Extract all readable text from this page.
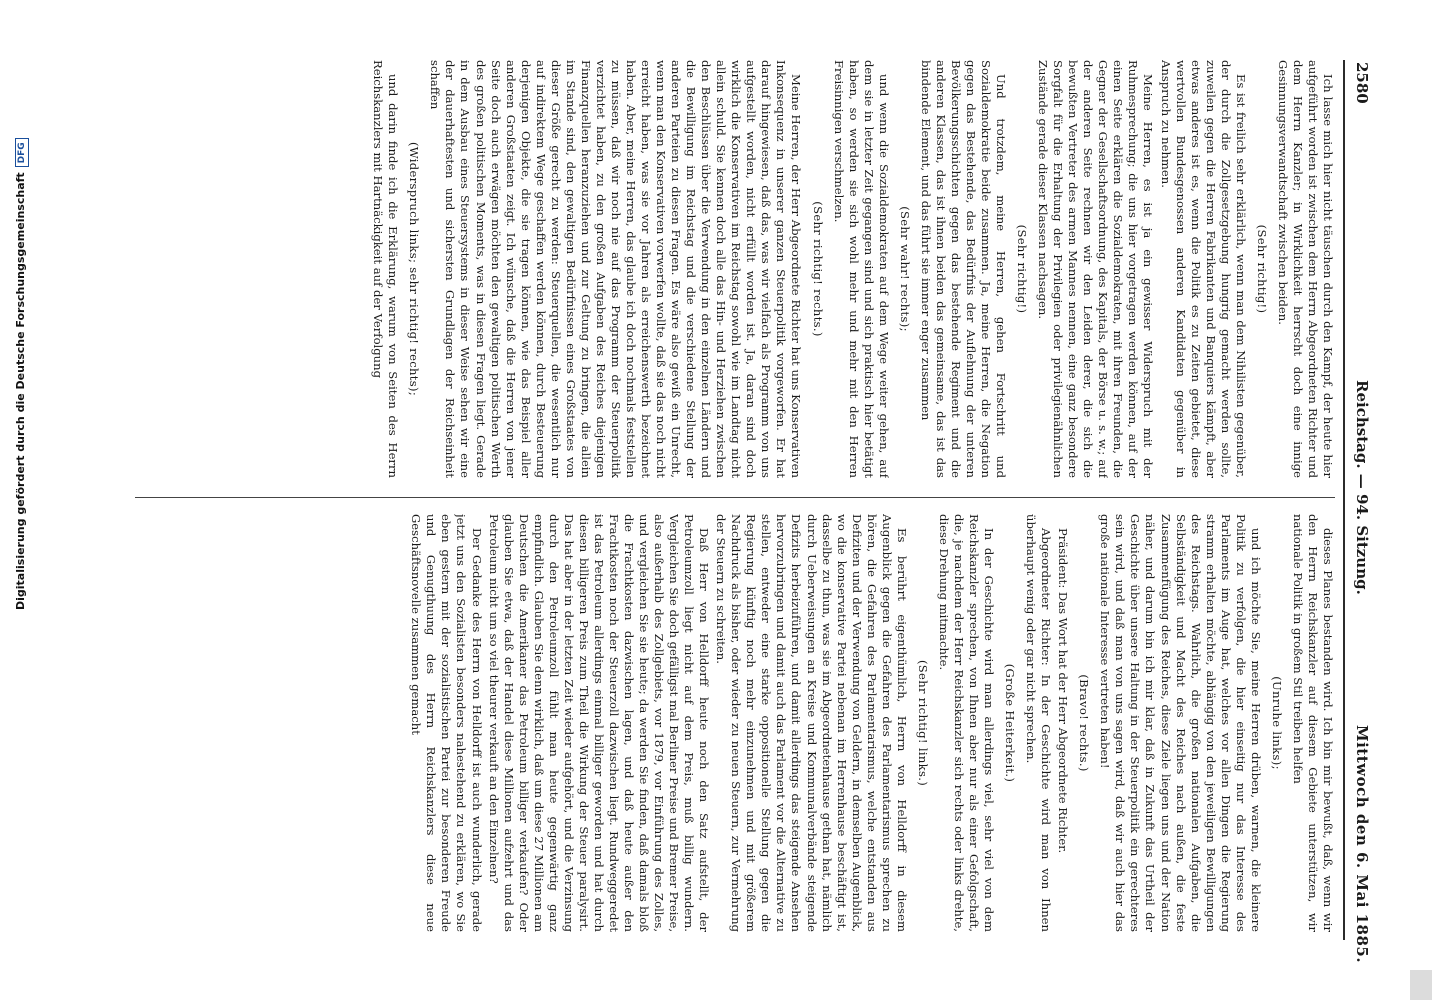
2580
Reichstag. — 94. Sitzung.
Mittwoch den 6. Mai 1885.

Ich lasse mich hier nicht täuschen durch den Kampf, der heute hier aufgeführt worden ist zwischen dem Herrn Abgeordneten Richter und dem Herrn Kanzler; in Wirklichkeit herrscht doch eine innige Gesinnungsverwandtschaft zwischen beiden.

(Sehr richtig!)

Es ist freilich sehr erklärlich, wenn man dem Nihilisten gegenüber, der durch die Zollgesetzgebung hungrig gemacht werden sollte, zuweilen gegen die Herren Fabrikanten und Banquiers kämpft, aber etwas anderes ist es, wenn die Politik es zu Zeiten gebietet, diese wertvollen Bundesgenossen anderen Kandidaten gegenüber in Anspruch zu nehmen.

Meine Herren, es ist ja ein gewisser Widerspruch mit der Ruhmesprechung; die uns hier vorgetragen werden können, auf der einen Seite erklären die Sozialdemokraten, mit ihren Freunden, die Gegner der Gesellschaftsordnung, des Kapitals, der Börse u. s. w.; auf der anderen Seite rechnen wir den Leiden derer, die sich die bewußten Vertreter des armen Mannes nennen, eine ganz besondere Sorgfalt für die Erhaltung der Privilegien oder privilegienähnlichen Zustände gerade dieser Klassen nachsagen.

(Sehr richtig!)

Und trotzdem, meine Herren, gehen Fortschritt und Sozialdemokratie beide zusammen. Ja, meine Herren, die Negation gegen das Bestehende, das Bedürfnis der Auflehnung der unteren Bevölkerungsschichten gegen das bestehende Regiment und die anderen Klassen, das ist ihnen beiden das gemeinsame, das ist das bindende Element, und das führt sie immer enger zusammen

(Sehr wahr! rechts);

und wenn die Sozialdemokraten auf dem Wege weiter gehen, auf dem sie in letzter Zeit gegangen sind und sich praktisch hier betätigt haben, so werden sie sich wohl mehr und mehr mit den Herren Freisinnigen verschmelzen.

(Sehr richtig! rechts.)

Meine Herren, der Herr Abgeordnete Richter hat uns Konservativen Inkonsequenz in unserer ganzen Steuerpolitik vorgeworfen. Er hat darauf hingewiesen, daß das, was wir vielfach als Programm von uns aufgestellt worden, nicht erfüllt worden ist. Ja, daran sind doch wirklich die Konservativen im Reichstag sowohl wie im Landtag nicht allein schuld. Sie kennen doch alle das Hin- und Herziehen zwischen den Beschlüssen über die Verwendung in den einzelnen Ländern und die Bewilligung im Reichstag und die verschiedene Stellung der anderen Parteien zu diesen Fragen. Es wäre also gewiß ein Unrecht, wenn man den Konservativen vorwerfen wollte, daß sie das noch nicht erreicht haben, was sie vor Jahren als erreichenswerth bezeichnet haben. Aber, meine Herren, das glaube ich doch nochmals feststellen zu müssen, daß wir noch nie auf das Programm der Steuerpolitik verzichtet haben, zu den großen Aufgaben des Reiches diejenigen Finanzquellen heranzuziehen und zur Geltung zu bringen, die allein im Stande sind, den gewaltigen Bedürfnissen eines Großstaates von dieser Größe gerecht zu werden: Steuerquellen, die wesentlich nur auf indirektem Wege geschaffen werden können, durch Besteuerung derjenigen Objekte, die sie tragen können, wie das Beispiel aller anderen Großstaaten zeigt. Ich wünsche, daß die Herren von jener Seite doch auch erwägen möchten den gewaltigen politischen Werth des großen politischen Moments, was in diesen Fragen liegt. Gerade in dem Ausbau eines Steuersystems in dieser Weise sehen wir eine der dauerhaftesten und sichersten Grundlagen der Reichseinheit schaffen

(Widerspruch links; sehr richtig! rechts);

und darin finde ich die Erklärung, warum von Seiten des Herrn Reichskanzlers mit Hartnäckigkeit auf der Verfolgung

dieses Planes bestanden wird. Ich bin mir bewußt, daß, wenn wir den Herrn Reichskanzler auf diesem Gebiete unterstützen, wir nationale Politik in großem Stil treiben helfen

(Unruhe links);

und ich möchte Sie, meine Herren drüben, warnen, die kleinere Politik zu verfolgen, die hier einseitig nur das Interesse des Parlaments im Auge hat, welches vor allen Dingen die Regierung stramm erhalten möchte, abhängig von den jeweiligen Bewilligungen des Reichstags. Wahrlich, die großen nationalen Aufgaben, die Selbständigkeit und Macht des Reiches nach außen, die feste Zusammenfügung des Reiches, diese Ziele liegen uns und der Nation näher, und darum bin ich mir klar, daß in Zukunft das Urtheil der Geschichte über unsere Haltung in der Steuerpolitik ein gerechteres sein wird, und daß man von uns sagen wird, daß wir auch hier das große nationale Interesse vertreten haben!

(Bravo! rechts.)

Präsident: Das Wort hat der Herr Abgeordnete Richter.

Abgeordneter Richter: In der Geschichte wird man von Ihnen überhaupt wenig oder gar nicht sprechen.

(Große Heiterkeit.)

In der Geschichte wird man allerdings viel, sehr viel von dem Reichskanzler sprechen, von Ihnen aber nur als einer Gefolgschaft, die, je nachdem der Herr Reichskanzler sich rechts oder links drehte, diese Drehung mitmachte.

(Sehr richtig! links.)

Es berührt eigenthümlich, Herrn von Helldorff in diesem Augenblick gegen die Gefahren des Parlamentarismus sprechen zu hören, die Gefahren des Parlamentarismus, welche entstanden aus Defiziten und der Verwendung von Geldern, in demselben Augenblick, wo die konservative Partei nebenan im Herrenhause beschäftigt ist, dasselbe zu thun, was sie im Abgeordnetenhause gethan hat, nämlich durch Ueberweisungen an Kreise und Kommunalverbände steigende Defizits herbeizuführen, und damit allerdings das steigende Ansehen hervorzubringen und damit auch das Parlament vor die Alternative zu stellen, entweder eine starke oppositionelle Stellung gegen die Regierung künftig noch mehr einzunehmen und mit größerem Nachdruck als bisher, oder wieder zu neuen Steuern, zur Vermehrung der Steuern zu schreiten.

Daß Herr von Helldorff heute noch den Satz aufstellt, der Petroleumzoll liegt nicht auf dem Preis, muß billig wundern. Vergleichen Sie doch gefälligst mal Berliner Preise und Bremer Preise, also außerhalb des Zollgebiets, vor 1879, vor Einführung des Zolles, und vergleichen Sie sie heute; da werden Sie finden, daß damals bloß die Frachtkosten dazwischen lagen, und daß heute außer den Frachtkosten noch der Steuerzoll dazwischen liegt. Rundweggeredet ist das Petroleum allerdings einmal billiger geworden und hat durch diesen billigeren Preis zum Theil die Wirkung der Steuer paralysirt. Das hat aber in der letzten Zeit wieder aufgehört, und die Verzinsung durch den Petroleumzoll fühlt man heute gegenwärtig ganz empfindlich. Glauben Sie denn wirklich, daß um diese 27 Millionen am Deutschen die Amerikaner das Petroleum billiger verkaufen? Oder glauben Sie etwa, daß der Handel diese Millionen aufzehrt und das Petroleum nicht um so viel theurer verkauft an den Einzelnen?

Der Gedanke des Herrn von Helldorff ist auch wunderlich, gerade jetzt uns den Sozialisten besonders nahestehend zu erklären, wo Sie eben gestern mit der sozialistischen Partei zur besonderen Freude und Genugthuung des Herrn Reichskanzlers diese neue Geschäftsnovelle zusammen gemacht

Digitalisierung gefördert durch die Deutsche ForschungsgemeinschaftDFG
